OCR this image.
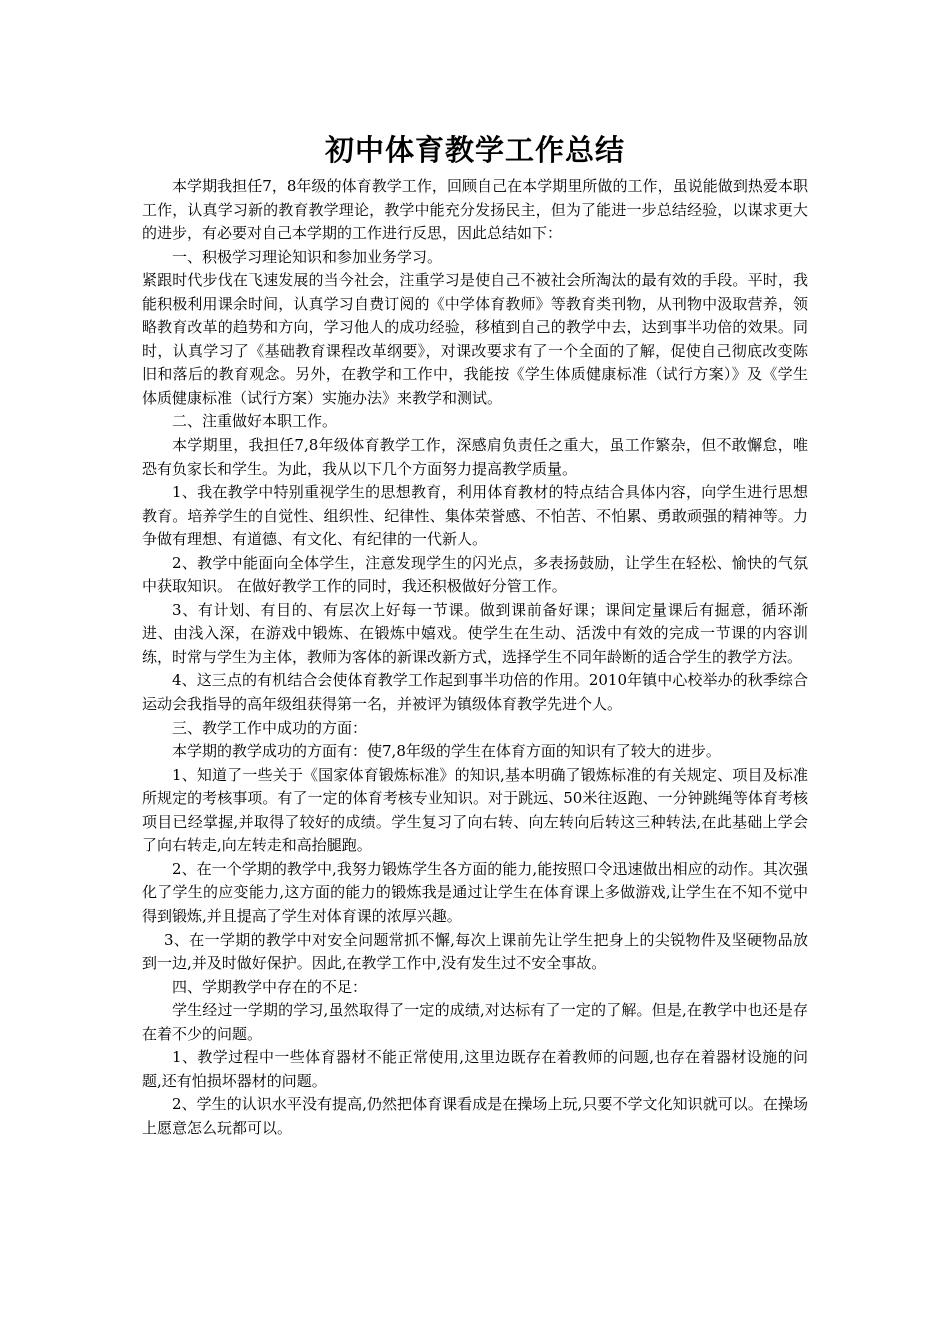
初中体育教学工作总结

本学期我担任7，8年级的体育教学工作，回顾自己在本学期里所做的工作，虽说能做到热爱本职工作，认真学习新的教育教学理论，教学中能充分发扬民主，但为了能进一步总结经验，以谋求更大的进步，有必要对自己本学期的工作进行反思，因此总结如下：

一、积极学习理论知识和参加业务学习。

紧跟时代步伐在飞速发展的当今社会，注重学习是使自己不被社会所淘汰的最有效的手段。平时，我能积极利用课余时间，认真学习自费订阅的《中学体育教师》等教育类刊物，从刊物中汲取营养，领略教育改革的趋势和方向，学习他人的成功经验，移植到自己的教学中去，达到事半功倍的效果。同时，认真学习了《基础教育课程改革纲要》，对课改要求有了一个全面的了解，促使自己彻底改变陈旧和落后的教育观念。另外，在教学和工作中，我能按《学生体质健康标准（试行方案）》及《学生体质健康标准（试行方案）实施办法》来教学和测试。

二、注重做好本职工作。

本学期里，我担任7,8年级体育教学工作，深感肩负责任之重大，虽工作繁杂，但不敢懈怠，唯恐有负家长和学生。为此，我从以下几个方面努力提高教学质量。

1、我在教学中特别重视学生的思想教育，利用体育教材的特点结合具体内容，向学生进行思想教育。培养学生的自觉性、组织性、纪律性、集体荣誉感、不怕苦、不怕累、勇敢顽强的精神等。力争做有理想、有道德、有文化、有纪律的一代新人。

2、教学中能面向全体学生，注意发现学生的闪光点，多表扬鼓励，让学生在轻松、愉快的气氛中获取知识。 在做好教学工作的同时，我还积极做好分管工作。

3、有计划、有目的、有层次上好每一节课。做到课前备好课；课间定量课后有掘意，循环渐进、由浅入深，在游戏中锻炼、在锻炼中嬉戏。使学生在生动、活泼中有效的完成一节课的内容训练，时常与学生为主体，教师为客体的新课改新方式，选择学生不同年龄断的适合学生的教学方法。

4、这三点的有机结合会使体育教学工作起到事半功倍的作用。2010年镇中心校举办的秋季综合运动会我指导的高年级组获得第一名，并被评为镇级体育教学先进个人。

三、教学工作中成功的方面：

本学期的教学成功的方面有：使7,8年级的学生在体育方面的知识有了较大的进步。

1、知道了一些关于《国家体育锻炼标准》的知识,基本明确了锻炼标准的有关规定、项目及标准所规定的考核事项。有了一定的体育考核专业知识。对于跳远、50米往返跑、一分钟跳绳等体育考核项目已经掌握,并取得了较好的成绩。学生复习了向右转、向左转向后转这三种转法,在此基础上学会了向右转走,向左转走和高抬腿跑。

2、在一个学期的教学中,我努力锻炼学生各方面的能力,能按照口令迅速做出相应的动作。其次强化了学生的应变能力,这方面的能力的锻炼我是通过让学生在体育课上多做游戏,让学生在不知不觉中得到锻炼,并且提高了学生对体育课的浓厚兴趣。

3、在一学期的教学中对安全问题常抓不懈,每次上课前先让学生把身上的尖锐物件及坚硬物品放到一边,并及时做好保护。因此,在教学工作中,没有发生过不安全事故。

四、学期教学中存在的不足：

学生经过一学期的学习,虽然取得了一定的成绩,对达标有了一定的了解。但是,在教学中也还是存在着不少的问题。

1、教学过程中一些体育器材不能正常使用,这里边既存在着教师的问题,也存在着器材设施的问题,还有怕损坏器材的问题。

2、学生的认识水平没有提高,仍然把体育课看成是在操场上玩,只要不学文化知识就可以。在操场上愿意怎么玩都可以。
